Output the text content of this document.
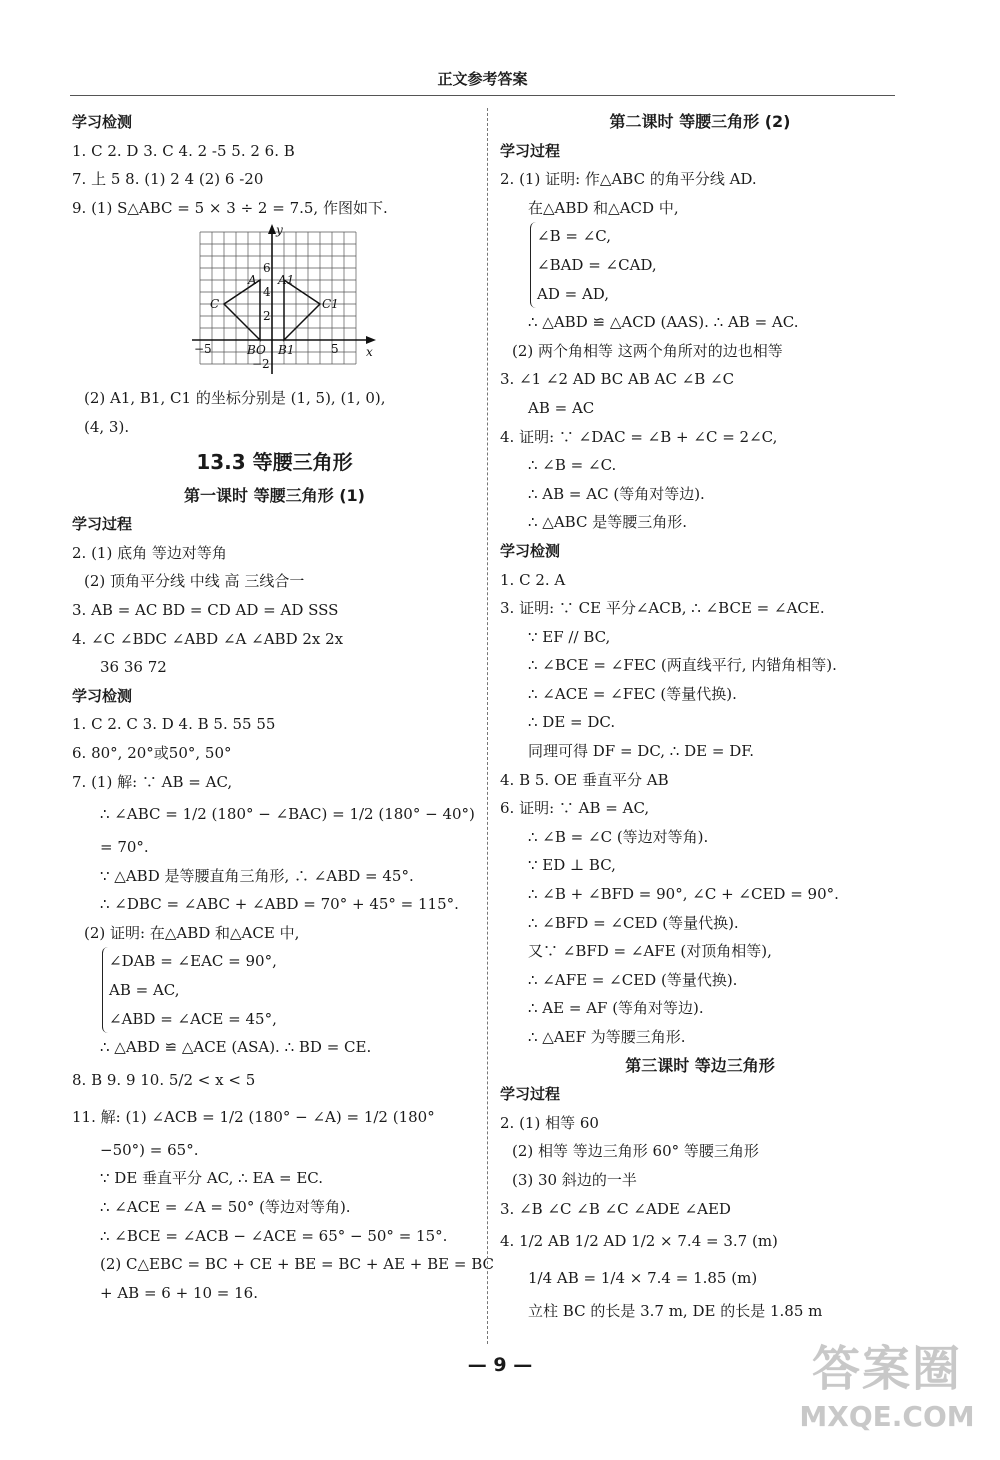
正文参考答案
学习检测
1. C 2. D 3. C 4. 2 -5 5. 2 6. B
7. 上 5 8. (1) 2 4 (2) 6 -20
9. (1) S△ABC = 5 × 3 ÷ 2 = 7.5, 作图如下.
y
x
−5	5
6
4
2
−2
A A1
C	C1
BO B1
(2) A1, B1, C1 的坐标分别是 (1, 5), (1, 0),
(4, 3).
13.3 等腰三角形
第一课时 等腰三角形 (1)
学习过程
2. (1) 底角 等边对等角
(2) 顶角平分线 中线 高 三线合一
3. AB = AC BD = CD AD = AD SSS
4. ∠C ∠BDC ∠ABD ∠A ∠ABD 2x 2x
36 36 72
学习检测
1. C 2. C 3. D 4. B 5. 55 55
6. 80°, 20°或50°, 50°
7. (1) 解: ∵ AB = AC,
∴ ∠ABC = 1/2 (180° − ∠BAC) = 1/2 (180° − 40°)
= 70°.
∵ △ABD 是等腰直角三角形, ∴ ∠ABD = 45°.
∴ ∠DBC = ∠ABC + ∠ABD = 70° + 45° = 115°.
(2) 证明: 在△ABD 和△ACE 中,
∠DAB = ∠EAC = 90°,
AB = AC,
∠ABD = ∠ACE = 45°,
∴ △ABD ≌ △ACE (ASA). ∴ BD = CE.
8. B 9. 9 10. 5/2 < x < 5
11. 解: (1) ∠ACB = 1/2 (180° − ∠A) = 1/2 (180°
−50°) = 65°.
∵ DE 垂直平分 AC, ∴ EA = EC.
∴ ∠ACE = ∠A = 50° (等边对等角).
∴ ∠BCE = ∠ACB − ∠ACE = 65° − 50° = 15°.
(2) C△EBC = BC + CE + BE = BC + AE + BE = BC
+ AB = 6 + 10 = 16.
第二课时 等腰三角形 (2)
学习过程
2. (1) 证明: 作△ABC 的角平分线 AD.
在△ABD 和△ACD 中,
∠B = ∠C,
∠BAD = ∠CAD,
AD = AD,
∴ △ABD ≌ △ACD (AAS). ∴ AB = AC.
(2) 两个角相等 这两个角所对的边也相等
3. ∠1 ∠2 AD BC AB AC ∠B ∠C
AB = AC
4. 证明: ∵ ∠DAC = ∠B + ∠C = 2∠C,
∴ ∠B = ∠C.
∴ AB = AC (等角对等边).
∴ △ABC 是等腰三角形.
学习检测
1. C 2. A
3. 证明: ∵ CE 平分∠ACB, ∴ ∠BCE = ∠ACE.
∵ EF // BC,
∴ ∠BCE = ∠FEC (两直线平行, 内错角相等).
∴ ∠ACE = ∠FEC (等量代换).
∴ DE = DC.
同理可得 DF = DC, ∴ DE = DF.
4. B 5. OE 垂直平分 AB
6. 证明: ∵ AB = AC,
∴ ∠B = ∠C (等边对等角).
∵ ED ⊥ BC,
∴ ∠B + ∠BFD = 90°, ∠C + ∠CED = 90°.
∴ ∠BFD = ∠CED (等量代换).
又∵ ∠BFD = ∠AFE (对顶角相等),
∴ ∠AFE = ∠CED (等量代换).
∴ AE = AF (等角对等边).
∴ △AEF 为等腰三角形.
第三课时 等边三角形
学习过程
2. (1) 相等 60
(2) 相等 等边三角形 60° 等腰三角形
(3) 30 斜边的一半
3. ∠B ∠C ∠B ∠C ∠ADE ∠AED
4. 1/2 AB 1/2 AD 1/2 × 7.4 = 3.7 (m)
1/4 AB = 1/4 × 7.4 = 1.85 (m)
立柱 BC 的长是 3.7 m, DE 的长是 1.85 m
— 9 —	答案圈
MXQE.COM
